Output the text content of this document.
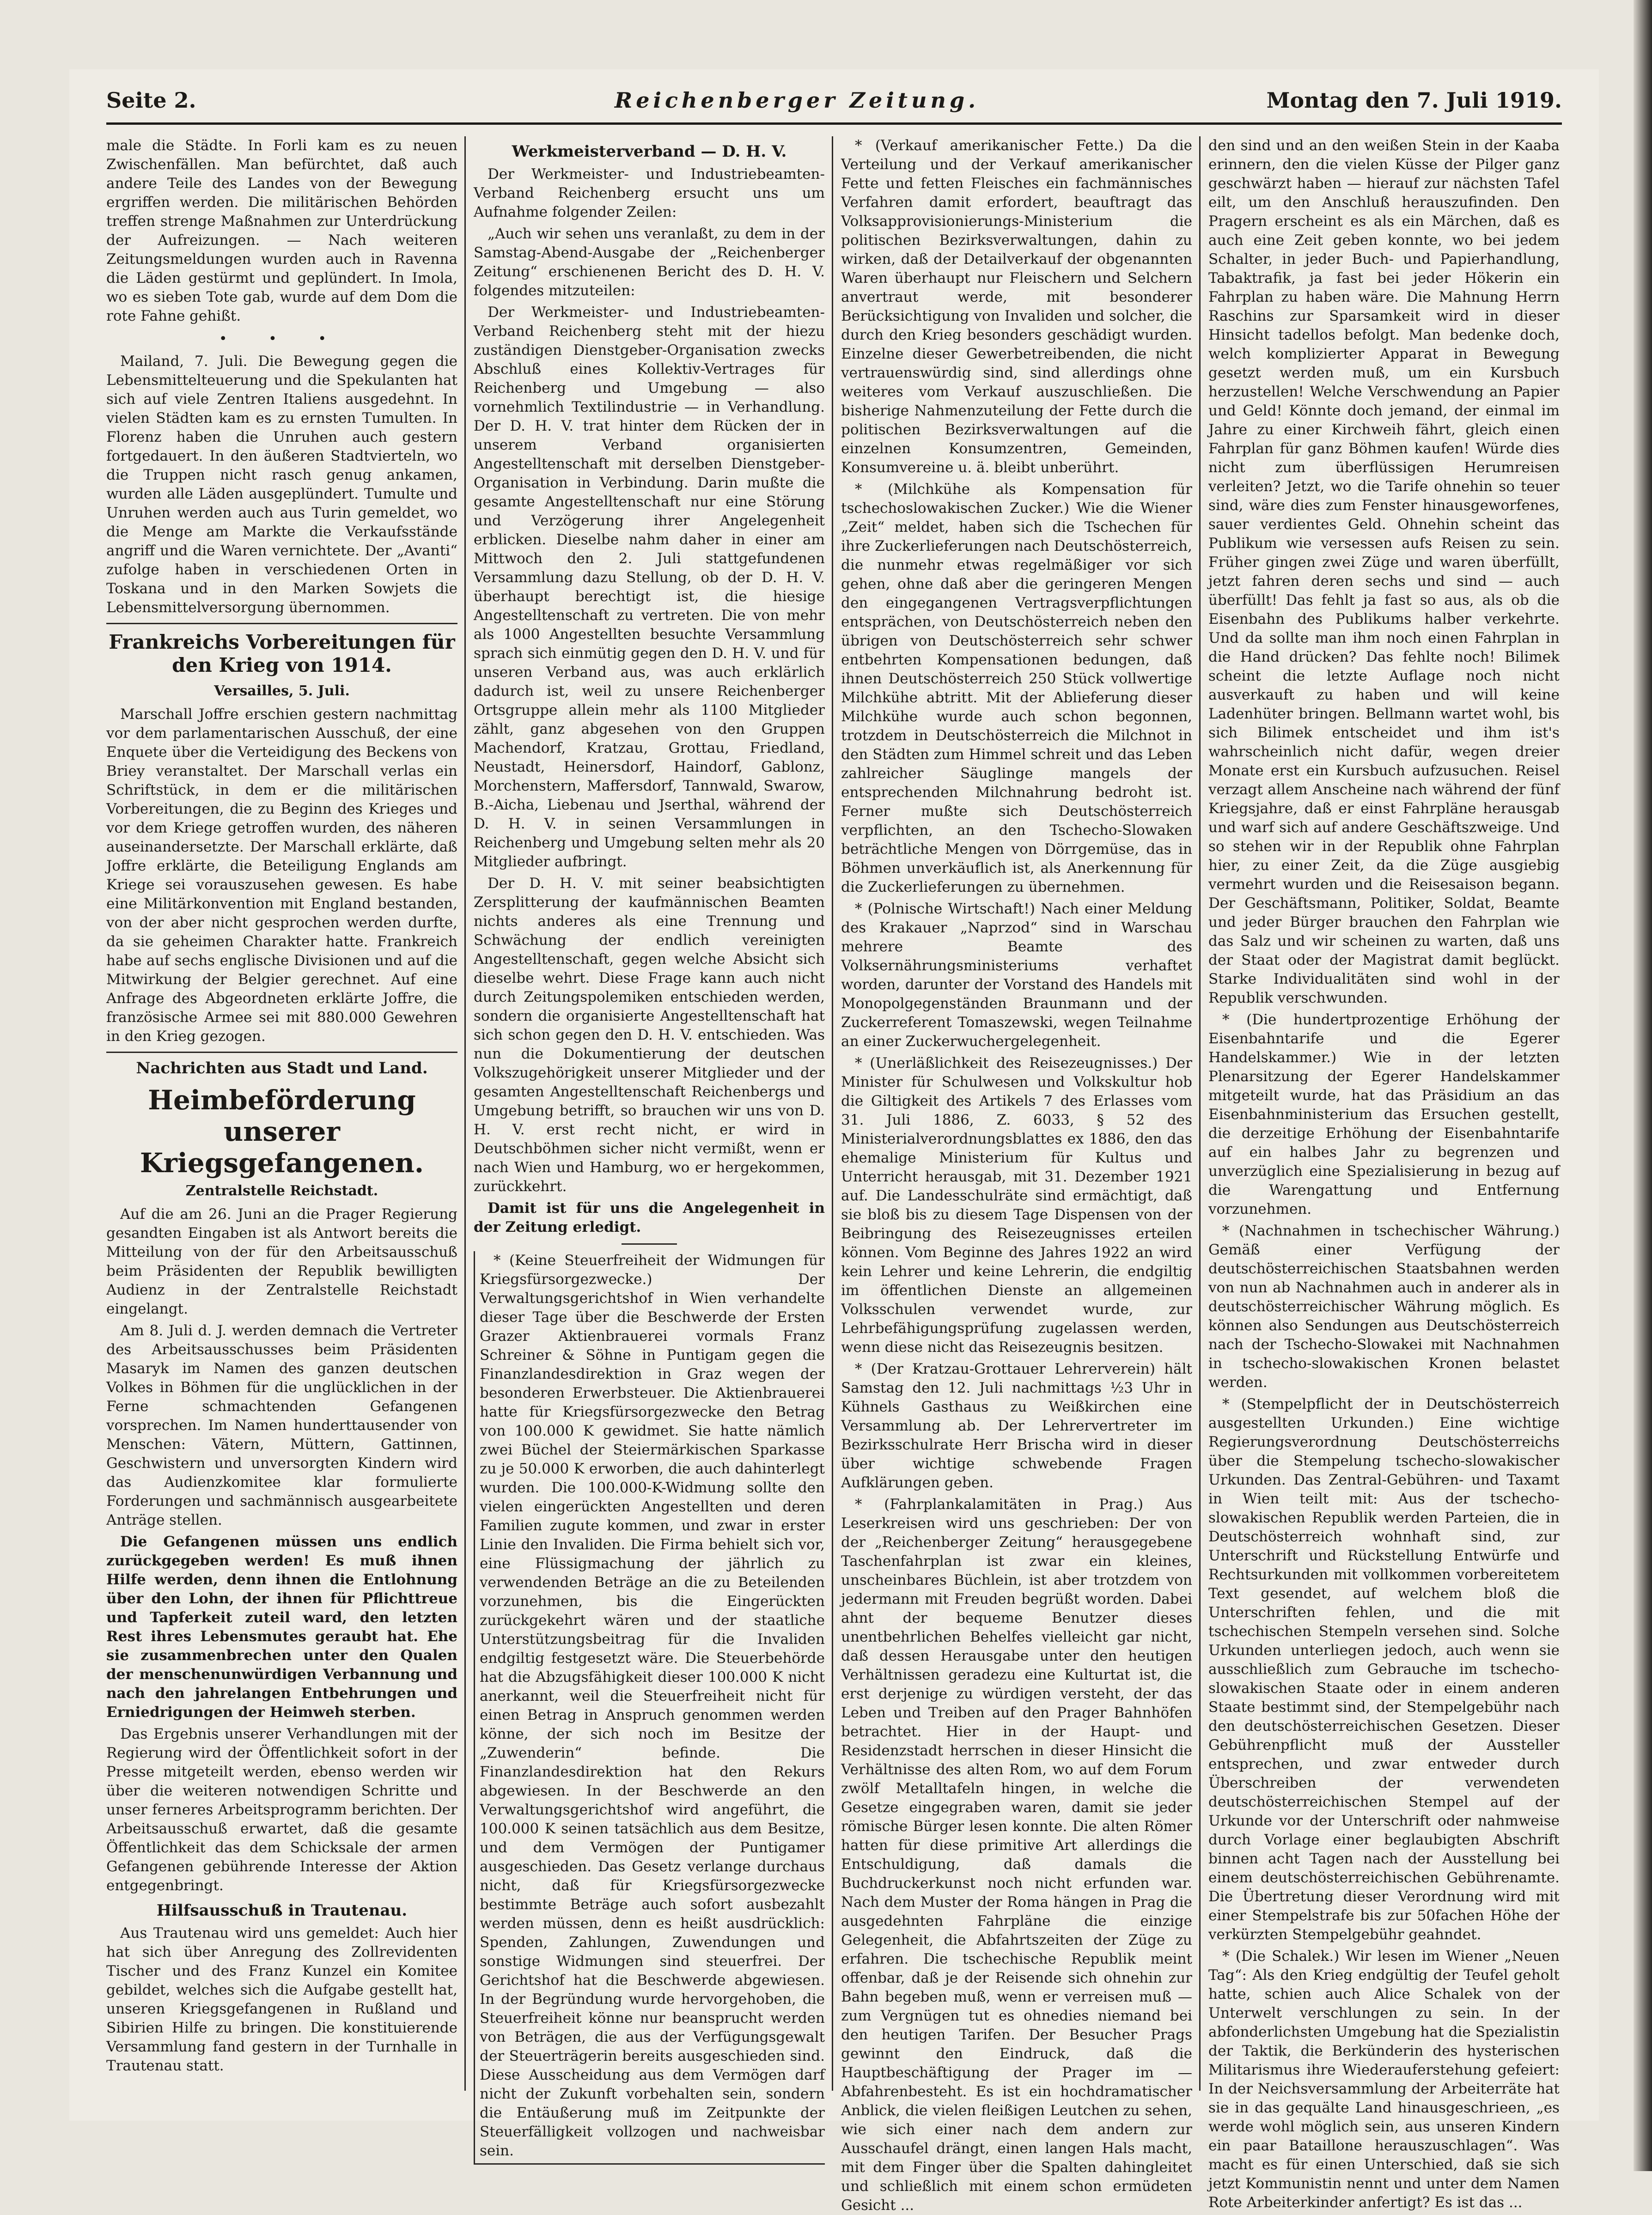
Seite 2.	Reichenberger Zeitung.	Montag den 7. Juli 1919.

male die Städte. In Forli kam es zu neuen Zwischenfällen. Man befürchtet, daß auch andere Teile des Landes von der Bewegung ergriffen werden. Die militärischen Behörden treffen strenge Maßnahmen zur Unterdrückung der Aufreizungen. — Nach weiteren Zeitungsmeldungen wurden auch in Ravenna die Läden gestürmt und geplündert. In Imola, wo es sieben Tote gab, wurde auf dem Dom die rote Fahne gehißt.

• • •

Mailand, 7. Juli. Die Bewegung gegen die Lebensmittelteuerung und die Spekulanten hat sich auf viele Zentren Italiens ausgedehnt. In vielen Städten kam es zu ernsten Tumulten. In Florenz haben die Unruhen auch gestern fortgedauert. In den äußeren Stadtvierteln, wo die Truppen nicht rasch genug ankamen, wurden alle Läden ausgeplündert. Tumulte und Unruhen werden auch aus Turin gemeldet, wo die Menge am Markte die Verkaufsstände angriff und die Waren vernichtete. Der „Avanti“ zufolge haben in verschiedenen Orten in Toskana und in den Marken Sowjets die Lebensmittelversorgung übernommen.

Frankreichs Vorbereitungen für den Krieg von 1914.
Versailles, 5. Juli.

Marschall Joffre erschien gestern nachmittag vor dem parlamentarischen Ausschuß, der eine Enquete über die Verteidigung des Beckens von Briey veranstaltet. Der Marschall verlas ein Schriftstück, in dem er die militärischen Vorbereitungen, die zu Beginn des Krieges und vor dem Kriege getroffen wurden, des näheren auseinandersetzte. Der Marschall erklärte, daß Joffre erklärte, die Beteiligung Englands am Kriege sei vorauszusehen gewesen. Es habe eine Militärkonvention mit England bestanden, von der aber nicht gesprochen werden durfte, da sie geheimen Charakter hatte. Frankreich habe auf sechs englische Divisionen und auf die Mitwirkung der Belgier gerechnet. Auf eine Anfrage des Abgeordneten erklärte Joffre, die französische Armee sei mit 880.000 Gewehren in den Krieg gezogen.

Nachrichten aus Stadt und Land.
Heimbeförderung unserer Kriegsgefangenen.
Zentralstelle Reichstadt.

Auf die am 26. Juni an die Prager Regierung gesandten Eingaben ist als Antwort bereits die Mitteilung von der für den Arbeitsausschuß beim Präsidenten der Republik bewilligten Audienz in der Zentralstelle Reichstadt eingelangt.

Am 8. Juli d. J. werden demnach die Vertreter des Arbeitsausschusses beim Präsidenten Masaryk im Namen des ganzen deutschen Volkes in Böhmen für die unglücklichen in der Ferne schmachtenden Gefangenen vorsprechen. Im Namen hunderttausender von Menschen: Vätern, Müttern, Gattinnen, Geschwistern und unversorgten Kindern wird das Audienzkomitee klar formulierte Forderungen und sachmännisch ausgearbeitete Anträge stellen.

Die Gefangenen müssen uns endlich zurückgegeben werden! Es muß ihnen Hilfe werden, denn ihnen die Entlohnung über den Lohn, der ihnen für Pflichttreue und Tapferkeit zuteil ward, den letzten Rest ihres Lebensmutes geraubt hat. Ehe sie zusammenbrechen unter den Qualen der menschenunwürdigen Verbannung und nach den jahrelangen Entbehrungen und Erniedrigungen der Heimweh sterben.

Das Ergebnis unserer Verhandlungen mit der Regierung wird der Öffentlichkeit sofort in der Presse mitgeteilt werden, ebenso werden wir über die weiteren notwendigen Schritte und unser ferneres Arbeitsprogramm berichten. Der Arbeitsausschuß erwartet, daß die gesamte Öffentlichkeit das dem Schicksale der armen Gefangenen gebührende Interesse der Aktion entgegenbringt.

Hilfsausschuß in Trautenau.

Aus Trautenau wird uns gemeldet: Auch hier hat sich über Anregung des Zollrevidenten Tischer und des Franz Kunzel ein Komitee gebildet, welches sich die Aufgabe gestellt hat, unseren Kriegsgefangenen in Rußland und Sibirien Hilfe zu bringen. Die konstituierende Versammlung fand gestern in der Turnhalle in Trautenau statt.

Werkmeisterverband — D. H. V.

Der Werkmeister- und Industriebeamten-Verband Reichenberg ersucht uns um Aufnahme folgender Zeilen:

„Auch wir sehen uns veranlaßt, zu dem in der Samstag-Abend-Ausgabe der „Reichenberger Zeitung“ erschienenen Bericht des D. H. V. folgendes mitzuteilen:

Der Werkmeister- und Industriebeamten-Verband Reichenberg steht mit der hiezu zuständigen Dienstgeber-Organisation zwecks Abschluß eines Kollektiv-Vertrages für Reichenberg und Umgebung — also vornehmlich Textilindustrie — in Verhandlung. Der D. H. V. trat hinter dem Rücken der in unserem Verband organisierten Angestelltenschaft mit derselben Dienstgeber-Organisation in Verbindung. Darin mußte die gesamte Angestelltenschaft nur eine Störung und Verzögerung ihrer Angelegenheit erblicken. Dieselbe nahm daher in einer am Mittwoch den 2. Juli stattgefundenen Versammlung dazu Stellung, ob der D. H. V. überhaupt berechtigt ist, die hiesige Angestelltenschaft zu vertreten. Die von mehr als 1000 Angestellten besuchte Versammlung sprach sich einmütig gegen den D. H. V. und für unseren Verband aus, was auch erklärlich dadurch ist, weil zu unsere Reichenberger Ortsgruppe allein mehr als 1100 Mitglieder zählt, ganz abgesehen von den Gruppen Machendorf, Kratzau, Grottau, Friedland, Neustadt, Heinersdorf, Haindorf, Gablonz, Morchenstern, Maffersdorf, Tannwald, Swarow, B.-Aicha, Liebenau und Jserthal, während der D. H. V. in seinen Versammlungen in Reichenberg und Umgebung selten mehr als 20 Mitglieder aufbringt.

Der D. H. V. mit seiner beabsichtigten Zersplitterung der kaufmännischen Beamten nichts anderes als eine Trennung und Schwächung der endlich vereinigten Angestelltenschaft, gegen welche Absicht sich dieselbe wehrt. Diese Frage kann auch nicht durch Zeitungspolemiken entschieden werden, sondern die organisierte Angestelltenschaft hat sich schon gegen den D. H. V. entschieden. Was nun die Dokumentierung der deutschen Volkszugehörigkeit unserer Mitglieder und der gesamten Angestelltenschaft Reichenbergs und Umgebung betrifft, so brauchen wir uns von D. H. V. erst recht nicht, er wird in Deutschböhmen sicher nicht vermißt, wenn er nach Wien und Hamburg, wo er hergekommen, zurückkehrt.

Damit ist für uns die Angelegenheit in der Zeitung erledigt.

* (Keine Steuerfreiheit der Widmungen für Kriegsfürsorgezwecke.) Der Verwaltungsgerichtshof in Wien verhandelte dieser Tage über die Beschwerde der Ersten Grazer Aktienbrauerei vormals Franz Schreiner & Söhne in Puntigam gegen die Finanzlandesdirektion in Graz wegen der besonderen Erwerbsteuer. Die Aktienbrauerei hatte für Kriegsfürsorgezwecke den Betrag von 100.000 K gewidmet. Sie hatte nämlich zwei Büchel der Steiermärkischen Sparkasse zu je 50.000 K erworben, die auch dahinterlegt wurden. Die 100.000-K-Widmung sollte den vielen eingerückten Angestellten und deren Familien zugute kommen, und zwar in erster Linie den Invaliden. Die Firma behielt sich vor, eine Flüssigmachung der jährlich zu verwendenden Beträge an die zu Beteilenden vorzunehmen, bis die Eingerückten zurückgekehrt wären und der staatliche Unterstützungsbeitrag für die Invaliden endgiltig festgesetzt wäre. Die Steuerbehörde hat die Abzugsfähigkeit dieser 100.000 K nicht anerkannt, weil die Steuerfreiheit nicht für einen Betrag in Anspruch genommen werden könne, der sich noch im Besitze der „Zuwenderin“ befinde. Die Finanzlandesdirektion hat den Rekurs abgewiesen. In der Beschwerde an den Verwaltungsgerichtshof wird angeführt, die 100.000 K seinen tatsächlich aus dem Besitze, und dem Vermögen der Puntigamer ausgeschieden. Das Gesetz verlange durchaus nicht, daß für Kriegsfürsorgezwecke bestimmte Beträge auch sofort ausbezahlt werden müssen, denn es heißt ausdrücklich: Spenden, Zahlungen, Zuwendungen und sonstige Widmungen sind steuerfrei. Der Gerichtshof hat die Beschwerde abgewiesen. In der Begründung wurde hervorgehoben, die Steuerfreiheit könne nur beansprucht werden von Beträgen, die aus der Verfügungsgewalt der Steuerträgerin bereits ausgeschieden sind. Diese Ausscheidung aus dem Vermögen darf nicht der Zukunft vorbehalten sein, sondern die Entäußerung muß im Zeitpunkte der Steuerfälligkeit vollzogen und nachweisbar sein.

* (Verkauf amerikanischer Fette.) Da die Verteilung und der Verkauf amerikanischer Fette und fetten Fleisches ein fachmännisches Verfahren damit erfordert, beauftragt das Volksapprovisionierungs-Ministerium die politischen Bezirksverwaltungen, dahin zu wirken, daß der Detailverkauf der obgenannten Waren überhaupt nur Fleischern und Selchern anvertraut werde, mit besonderer Berücksichtigung von Invaliden und solcher, die durch den Krieg besonders geschädigt wurden. Einzelne dieser Gewerbetreibenden, die nicht vertrauenswürdig sind, sind allerdings ohne weiteres vom Verkauf auszuschließen. Die bisherige Nahmenzuteilung der Fette durch die politischen Bezirksverwaltungen auf die einzelnen Konsumzentren, Gemeinden, Konsumvereine u. ä. bleibt unberührt.

* (Milchkühe als Kompensation für tschechoslowakischen Zucker.) Wie die Wiener „Zeit“ meldet, haben sich die Tschechen für ihre Zuckerlieferungen nach Deutschösterreich, die nunmehr etwas regelmäßiger vor sich gehen, ohne daß aber die geringeren Mengen den eingegangenen Vertragsverpflichtungen entsprächen, von Deutschösterreich neben den übrigen von Deutschösterreich sehr schwer entbehrten Kompensationen bedungen, daß ihnen Deutschösterreich 250 Stück vollwertige Milchkühe abtritt. Mit der Ablieferung dieser Milchkühe wurde auch schon begonnen, trotzdem in Deutschösterreich die Milchnot in den Städten zum Himmel schreit und das Leben zahlreicher Säuglinge mangels der entsprechenden Milchnahrung bedroht ist. Ferner mußte sich Deutschösterreich verpflichten, an den Tschecho-Slowaken beträchtliche Mengen von Dörrgemüse, das in Böhmen unverkäuflich ist, als Anerkennung für die Zuckerlieferungen zu übernehmen.

* (Polnische Wirtschaft!) Nach einer Meldung des Krakauer „Naprzod“ sind in Warschau mehrere Beamte des Volksernährungsministeriums verhaftet worden, darunter der Vorstand des Handels mit Monopolgegenständen Braunmann und der Zuckerreferent Tomaszewski, wegen Teilnahme an einer Zuckerwuchergelegenheit.

* (Unerläßlichkeit des Reisezeugnisses.) Der Minister für Schulwesen und Volkskultur hob die Giltigkeit des Artikels 7 des Erlasses vom 31. Juli 1886, Z. 6033, § 52 des Ministerialverordnungsblattes ex 1886, den das ehemalige Ministerium für Kultus und Unterricht herausgab, mit 31. Dezember 1921 auf. Die Landesschulräte sind ermächtigt, daß sie bloß bis zu diesem Tage Dispensen von der Beibringung des Reisezeugnisses erteilen können. Vom Beginne des Jahres 1922 an wird kein Lehrer und keine Lehrerin, die endgiltig im öffentlichen Dienste an allgemeinen Volksschulen verwendet wurde, zur Lehrbefähigungsprüfung zugelassen werden, wenn diese nicht das Reisezeugnis besitzen.

* (Der Kratzau-Grottauer Lehrerverein) hält Samstag den 12. Juli nachmittags ½3 Uhr in Kühnels Gasthaus zu Weißkirchen eine Versammlung ab. Der Lehrervertreter im Bezirksschulrate Herr Brischa wird in dieser über wichtige schwebende Fragen Aufklärungen geben.

* (Fahrplankalamitäten in Prag.) Aus Leserkreisen wird uns geschrieben: Der von der „Reichenberger Zeitung“ herausgegebene Taschenfahrplan ist zwar ein kleines, unscheinbares Büchlein, ist aber trotzdem von jedermann mit Freuden begrüßt worden. Dabei ahnt der bequeme Benutzer dieses unentbehrlichen Behelfes vielleicht gar nicht, daß dessen Herausgabe unter den heutigen Verhältnissen geradezu eine Kulturtat ist, die erst derjenige zu würdigen versteht, der das Leben und Treiben auf den Prager Bahnhöfen betrachtet. Hier in der Haupt- und Residenzstadt herrschen in dieser Hinsicht die Verhältnisse des alten Rom, wo auf dem Forum zwölf Metalltafeln hingen, in welche die Gesetze eingegraben waren, damit sie jeder römische Bürger lesen konnte. Die alten Römer hatten für diese primitive Art allerdings die Entschuldigung, daß damals die Buchdruckerkunst noch nicht erfunden war. Nach dem Muster der Roma hängen in Prag die ausgedehnten Fahrpläne die einzige Gelegenheit, die Abfahrtszeiten der Züge zu erfahren. Die tschechische Republik meint offenbar, daß je der Reisende sich ohnehin zur Bahn begeben muß, wenn er verreisen muß — zum Vergnügen tut es ohnedies niemand bei den heutigen Tarifen. Der Besucher Prags gewinnt den Eindruck, daß die Hauptbeschäftigung der Prager im — Abfahrenbesteht. Es ist ein hochdramatischer Anblick, die vielen fleißigen Leutchen zu sehen, wie sich einer nach dem andern zur Ausschaufel drängt, einen langen Hals macht, mit dem Finger über die Spalten dahingleitet und schließlich mit einem schon ermüdeten Gesicht ...

den sind und an den weißen Stein in der Kaaba erinnern, den die vielen Küsse der Pilger ganz geschwärzt haben — hierauf zur nächsten Tafel eilt, um den Anschluß herauszufinden. Den Pragern erscheint es als ein Märchen, daß es auch eine Zeit geben konnte, wo bei jedem Schalter, in jeder Buch- und Papierhandlung, Tabaktrafik, ja fast bei jeder Hökerin ein Fahrplan zu haben wäre. Die Mahnung Herrn Raschins zur Sparsamkeit wird in dieser Hinsicht tadellos befolgt. Man bedenke doch, welch komplizierter Apparat in Bewegung gesetzt werden muß, um ein Kursbuch herzustellen! Welche Verschwendung an Papier und Geld! Könnte doch jemand, der einmal im Jahre zu einer Kirchweih fährt, gleich einen Fahrplan für ganz Böhmen kaufen! Würde dies nicht zum überflüssigen Herumreisen verleiten? Jetzt, wo die Tarife ohnehin so teuer sind, wäre dies zum Fenster hinausgeworfenes, sauer verdientes Geld. Ohnehin scheint das Publikum wie versessen aufs Reisen zu sein. Früher gingen zwei Züge und waren überfüllt, jetzt fahren deren sechs und sind — auch überfüllt! Das fehlt ja fast so aus, als ob die Eisenbahn des Publikums halber verkehrte. Und da sollte man ihm noch einen Fahrplan in die Hand drücken? Das fehlte noch! Bilimek scheint die letzte Auflage noch nicht ausverkauft zu haben und will keine Ladenhüter bringen. Bellmann wartet wohl, bis sich Bilimek entscheidet und ihm ist's wahrscheinlich nicht dafür, wegen dreier Monate erst ein Kursbuch aufzusuchen. Reisel verzagt allem Anscheine nach während der fünf Kriegsjahre, daß er einst Fahrpläne herausgab und warf sich auf andere Geschäftszweige. Und so stehen wir in der Republik ohne Fahrplan hier, zu einer Zeit, da die Züge ausgiebig vermehrt wurden und die Reisesaison begann. Der Geschäftsmann, Politiker, Soldat, Beamte und jeder Bürger brauchen den Fahrplan wie das Salz und wir scheinen zu warten, daß uns der Staat oder der Magistrat damit beglückt. Starke Individualitäten sind wohl in der Republik verschwunden.

* (Die hundertprozentige Erhöhung der Eisenbahntarife und die Egerer Handelskammer.) Wie in der letzten Plenarsitzung der Egerer Handelskammer mitgeteilt wurde, hat das Präsidium an das Eisenbahnministerium das Ersuchen gestellt, die derzeitige Erhöhung der Eisenbahntarife auf ein halbes Jahr zu begrenzen und unverzüglich eine Spezialisierung in bezug auf die Warengattung und Entfernung vorzunehmen.

* (Nachnahmen in tschechischer Währung.) Gemäß einer Verfügung der deutschösterreichischen Staatsbahnen werden von nun ab Nachnahmen auch in anderer als in deutschösterreichischer Währung möglich. Es können also Sendungen aus Deutschösterreich nach der Tschecho-Slowakei mit Nachnahmen in tschecho-slowakischen Kronen belastet werden.

* (Stempelpflicht der in Deutschösterreich ausgestellten Urkunden.) Eine wichtige Regierungsverordnung Deutschösterreichs über die Stempelung tschecho-slowakischer Urkunden. Das Zentral-Gebühren- und Taxamt in Wien teilt mit: Aus der tschecho-slowakischen Republik werden Parteien, die in Deutschösterreich wohnhaft sind, zur Unterschrift und Rückstellung Entwürfe und Rechtsurkunden mit vollkommen vorbereitetem Text gesendet, auf welchem bloß die Unterschriften fehlen, und die mit tschechischen Stempeln versehen sind. Solche Urkunden unterliegen jedoch, auch wenn sie ausschließlich zum Gebrauche im tschecho-slowakischen Staate oder in einem anderen Staate bestimmt sind, der Stempelgebühr nach den deutschösterreichischen Gesetzen. Dieser Gebührenpflicht muß der Aussteller entsprechen, und zwar entweder durch Überschreiben der verwendeten deutschösterreichischen Stempel auf der Urkunde vor der Unterschrift oder nahmweise durch Vorlage einer beglaubigten Abschrift binnen acht Tagen nach der Ausstellung bei einem deutschösterreichischen Gebührenamte. Die Übertretung dieser Verordnung wird mit einer Stempelstrafe bis zur 50fachen Höhe der verkürzten Stempelgebühr geahndet.

* (Die Schalek.) Wir lesen im Wiener „Neuen Tag“: Als den Krieg endgültig der Teufel geholt hatte, schien auch Alice Schalek von der Unterwelt verschlungen zu sein. In der abfonderlichsten Umgebung hat die Spezialistin der Taktik, die Berkünderin des hysterischen Militarismus ihre Wiederauferstehung gefeiert: In der Neichsversammlung der Arbeiterräte hat sie in das gequälte Land hinausgeschrieen, „es werde wohl möglich sein, aus unseren Kindern ein paar Bataillone herauszuschlagen“. Was macht es für einen Unterschied, daß sie sich jetzt Kommunistin nennt und unter dem Namen Rote Arbeiterkinder anfertigt? Es ist das ...
